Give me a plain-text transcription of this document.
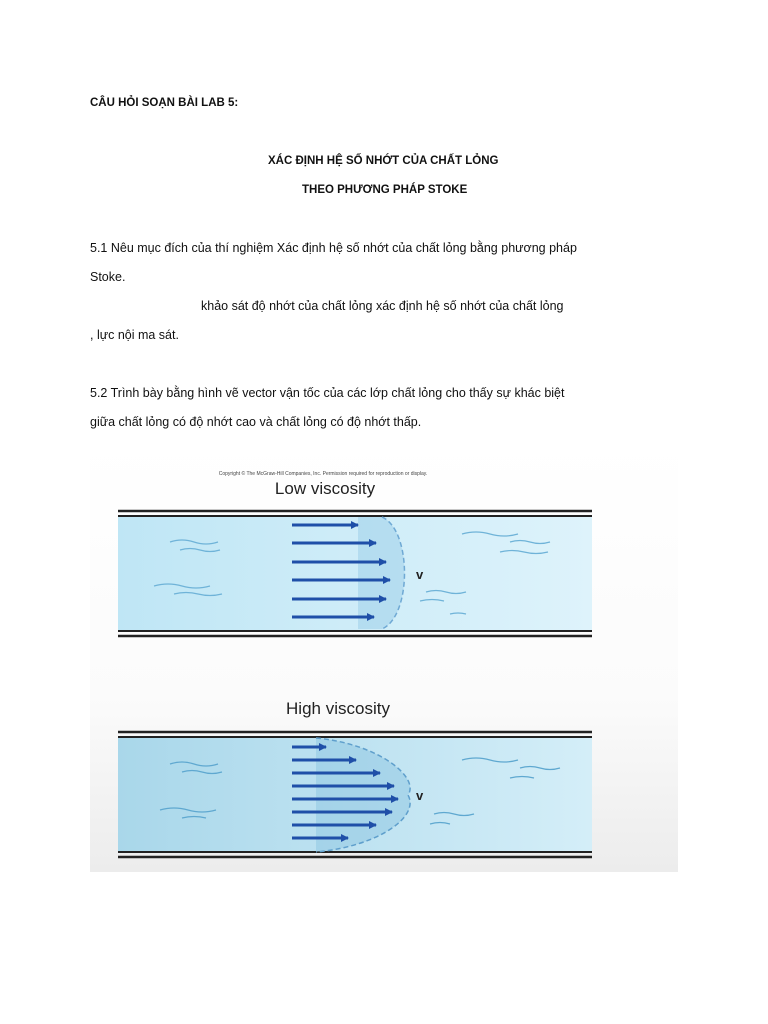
CÂU HỎI SOẠN BÀI LAB 5:
XÁC ĐỊNH HỆ SỐ NHỚT CỦA CHẤT LỎNG
THEO PHƯƠNG PHÁP STOKE
5.1 Nêu mục đích của thí nghiệm Xác định hệ số nhớt của chất lỏng bằng phương pháp
Stoke.
khảo sát độ nhớt của chất lỏng xác định hệ số nhớt của chất lỏng
, lực nội ma sát.
5.2 Trình bày bằng hình vẽ vector vận tốc của các lớp chất lỏng cho thấy sự khác biệt
giữa chất lỏng có độ nhớt cao và chất lỏng có độ nhớt thấp.
Copyright © The McGraw-Hill Companies, Inc. Permission required for reproduction or display.
Low viscosity
v
High viscosity
v
